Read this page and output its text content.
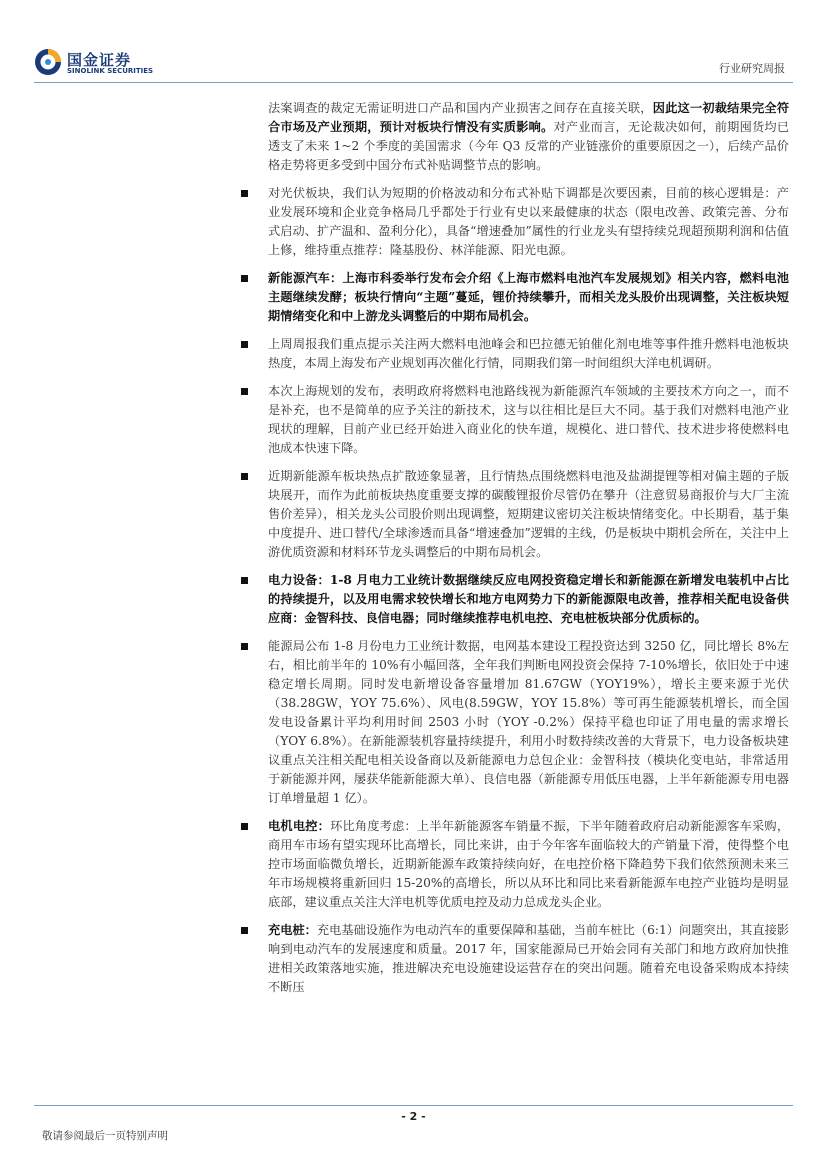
国金证券
SINOLINK SECURITIES	行业研究周报
法案调查的裁定无需证明进口产品和国内产业损害之间存在直接关联，因此这一初裁结果完全符合市场及产业预期，预计对板块行情没有实质影响。对产业而言，无论裁决如何，前期囤货均已透支了未来 1~2 个季度的美国需求（今年 Q3 反常的产业链涨价的重要原因之一），后续产品价格走势将更多受到中国分布式补贴调整节点的影响。
对光伏板块，我们认为短期的价格波动和分布式补贴下调都是次要因素，目前的核心逻辑是：产业发展环境和企业竞争格局几乎都处于行业有史以来最健康的状态（限电改善、政策完善、分布式启动、扩产温和、盈利分化），具备“增速叠加”属性的行业龙头有望持续兑现超预期利润和估值上修，维持重点推荐：隆基股份、林洋能源、阳光电源。
新能源汽车：上海市科委举行发布会介绍《上海市燃料电池汽车发展规划》相关内容，燃料电池主题继续发酵；板块行情向“主题”蔓延，锂价持续攀升，而相关龙头股价出现调整，关注板块短期情绪变化和中上游龙头调整后的中期布局机会。
上周周报我们重点提示关注两大燃料电池峰会和巴拉德无铂催化剂电堆等事件推升燃料电池板块热度，本周上海发布产业规划再次催化行情，同期我们第一时间组织大洋电机调研。
本次上海规划的发布，表明政府将燃料电池路线视为新能源汽车领域的主要技术方向之一，而不是补充，也不是简单的应予关注的新技术，这与以往相比是巨大不同。基于我们对燃料电池产业现状的理解，目前产业已经开始进入商业化的快车道，规模化、进口替代、技术进步将使燃料电池成本快速下降。
近期新能源车板块热点扩散迹象显著，且行情热点围绕燃料电池及盐湖提锂等相对偏主题的子版块展开，而作为此前板块热度重要支撑的碳酸锂报价尽管仍在攀升（注意贸易商报价与大厂主流售价差异），相关龙头公司股价则出现调整，短期建议密切关注板块情绪变化。中长期看，基于集中度提升、进口替代/全球渗透而具备“增速叠加”逻辑的主线，仍是板块中期机会所在，关注中上游优质资源和材料环节龙头调整后的中期布局机会。
电力设备：1-8 月电力工业统计数据继续反应电网投资稳定增长和新能源在新增发电装机中占比的持续提升，以及用电需求较快增长和地方电网势力下的新能源限电改善，推荐相关配电设备供应商：金智科技、良信电器；同时继续推荐电机电控、充电桩板块部分优质标的。
能源局公布 1-8 月份电力工业统计数据，电网基本建设工程投资达到 3250 亿，同比增长 8%左右，相比前半年的 10%有小幅回落，全年我们判断电网投资会保持 7-10%增长，依旧处于中速稳定增长周期。同时发电新增设备容量增加 81.67GW（YOY19%），增长主要来源于光伏（38.28GW，YOY 75.6%）、风电(8.59GW，YOY 15.8%）等可再生能源装机增长，而全国发电设备累计平均利用时间 2503 小时（YOY -0.2%）保持平稳也印证了用电量的需求增长（YOY 6.8%）。在新能源装机容量持续提升，利用小时数持续改善的大背景下，电力设备板块建议重点关注相关配电相关设备商以及新能源电力总包企业：金智科技（模块化变电站，非常适用于新能源并网，屡获华能新能源大单）、良信电器（新能源专用低压电器，上半年新能源专用电器订单增量超 1 亿）。
电机电控：环比角度考虑：上半年新能源客车销量不振，下半年随着政府启动新能源客车采购，商用车市场有望实现环比高增长，同比来讲，由于今年客车面临较大的产销量下滑，使得整个电控市场面临微负增长，近期新能源车政策持续向好，在电控价格下降趋势下我们依然预测未来三年市场规模将重新回归 15-20%的高增长，所以从环比和同比来看新能源车电控产业链均是明显底部，建议重点关注大洋电机等优质电控及动力总成龙头企业。
充电桩：充电基础设施作为电动汽车的重要保障和基础，当前车桩比（6:1）问题突出，其直接影响到电动汽车的发展速度和质量。2017 年，国家能源局已开始会同有关部门和地方政府加快推进相关政策落地实施，推进解决充电设施建设运营存在的突出问题。随着充电设备采购成本持续不断压
- 2 -
敬请参阅最后一页特别声明
